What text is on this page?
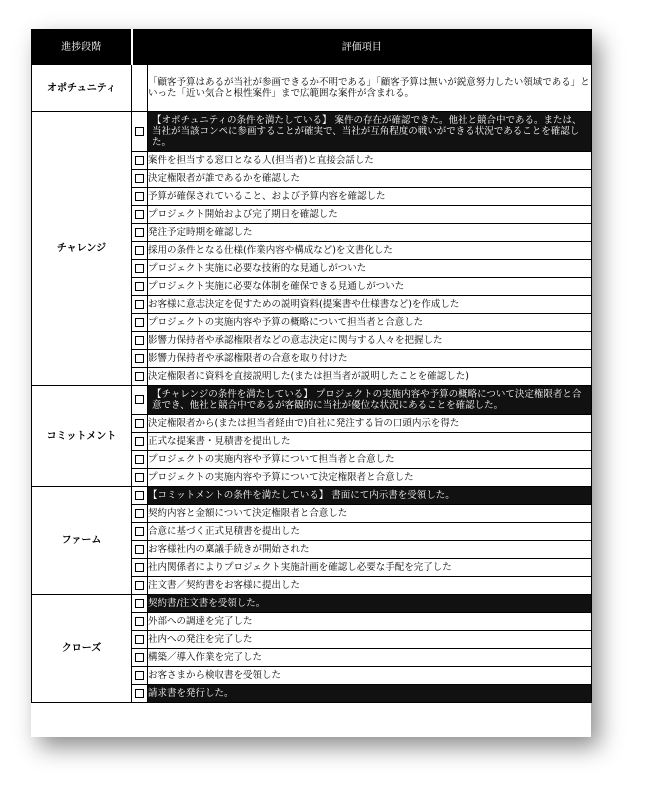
進捗段階	評価項目	
オポチュニティ		「顧客予算はあるが当社が参画できるか不明である」「顧客予算は無いが鋭意努力したい領域である」といった「近い気合と根性案件」まで広範囲な案件が含まれる。
チャレンジ		【オポチュニティの条件を満たしている】 案件の存在が確認できた。他社と競合中である。または、当社が当該コンペに参画することが確実で、当社が互角程度の戦いができる状況であることを確認した。
		案件を担当する窓口となる人(担当者)と直接会話した
		決定権限者が誰であるかを確認した
		予算が確保されていること、および予算内容を確認した
		プロジェクト開始および完了期日を確認した
		発注予定時期を確認した
		採用の条件となる仕様(作業内容や構成など)を文書化した
		プロジェクト実施に必要な技術的な見通しがついた
		プロジェクト実施に必要な体制を確保できる見通しがついた
		お客様に意志決定を促すための説明資料(提案書や仕様書など)を作成した
		プロジェクトの実施内容や予算の概略について担当者と合意した
		影響力保持者や承認権限者などの意志決定に関与する人々を把握した
		影響力保持者や承認権限者の合意を取り付けた
		決定権限者に資料を直接説明した(または担当者が説明したことを確認した)
コミットメント		【チャレンジの条件を満たしている】 プロジェクトの実施内容や予算の概略について決定権限者と合意でき、他社と競合中であるが客観的に当社が優位な状況にあることを確認した。
		決定権限者から(または担当者経由で)自社に発注する旨の口頭内示を得た
		正式な提案書・見積書を提出した
		プロジェクトの実施内容や予算について担当者と合意した
		プロジェクトの実施内容や予算について決定権限者と合意した
ファーム		【コミットメントの条件を満たしている】 書面にて内示書を受領した。
		契約内容と金額について決定権限者と合意した
		合意に基づく正式見積書を提出した
		お客様社内の稟議手続きが開始された
		社内関係者によりプロジェクト実施計画を確認し必要な手配を完了した
		注文書／契約書をお客様に提出した
クローズ		契約書/注文書を受領した。
		外部への調達を完了した
		社内への発注を完了した
		構築／導入作業を完了した
		お客さまから検収書を受領した
		請求書を発行した。
